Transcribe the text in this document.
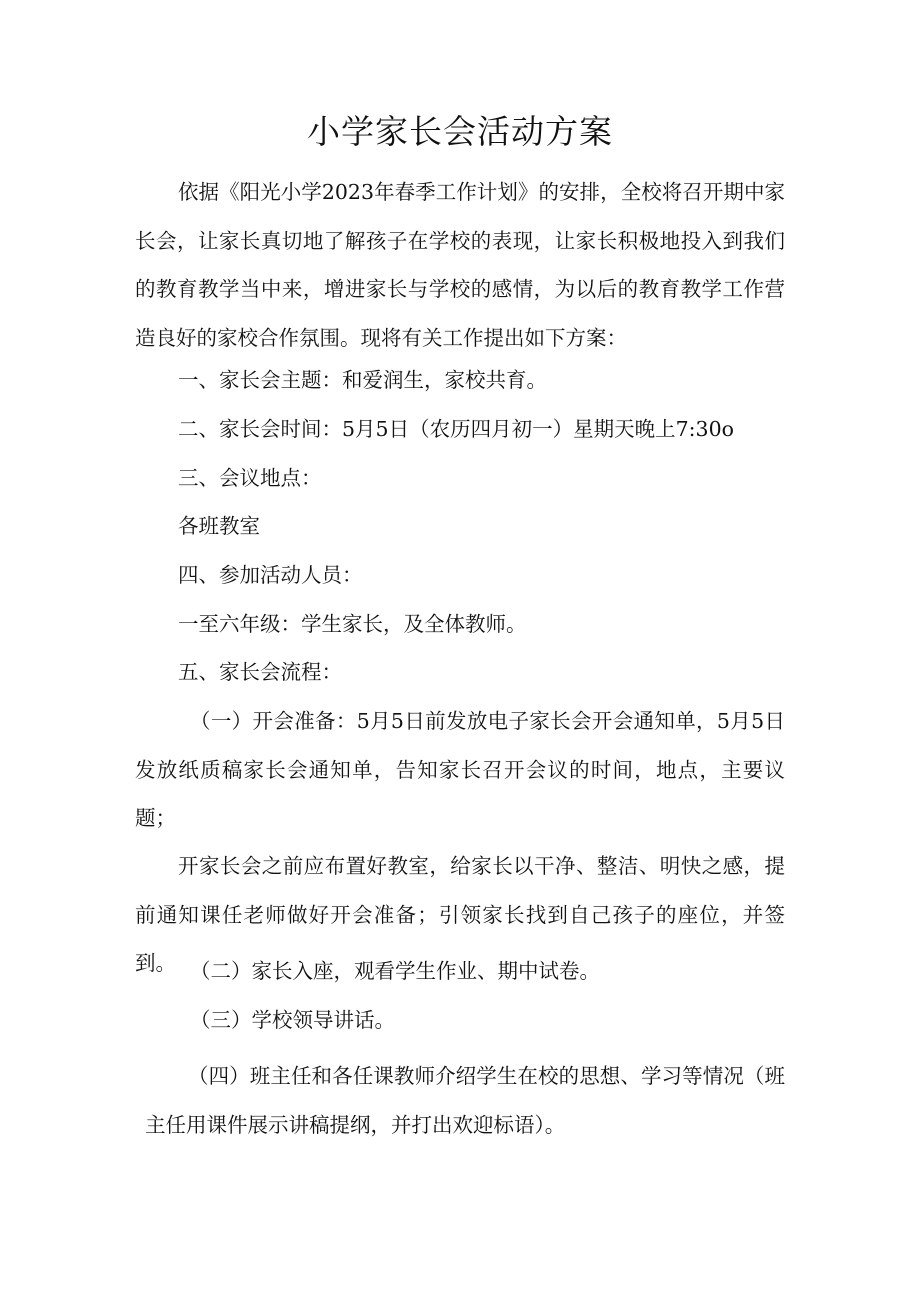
小学家长会活动方案
依据《阳光小学2023年春季工作计划》的安排，全校将召开期中家长会，让家长真切地了解孩子在学校的表现，让家长积极地投入到我们的教育教学当中来，增进家长与学校的感情，为以后的教育教学工作营造良好的家校合作氛围。现将有关工作提出如下方案：
一、家长会主题：和爱润生，家校共育。
二、家长会时间：5月5日（农历四月初一）星期天晚上7:30o
三、会议地点：
各班教室
四、参加活动人员：
一至六年级：学生家长，及全体教师。
五、家长会流程：
（一）开会准备：5月5日前发放电子家长会开会通知单，5月5日发放纸质稿家长会通知单，告知家长召开会议的时间，地点，主要议题；
开家长会之前应布置好教室，给家长以干净、整洁、明快之感，提前通知课任老师做好开会准备；引领家长找到自己孩子的座位，并签到。 （二）家长入座，观看学生作业、期中试卷。
（三）学校领导讲话。
（四）班主任和各任课教师介绍学生在校的思想、学习等情况（班主任用课件展示讲稿提纲，并打出欢迎标语）。
